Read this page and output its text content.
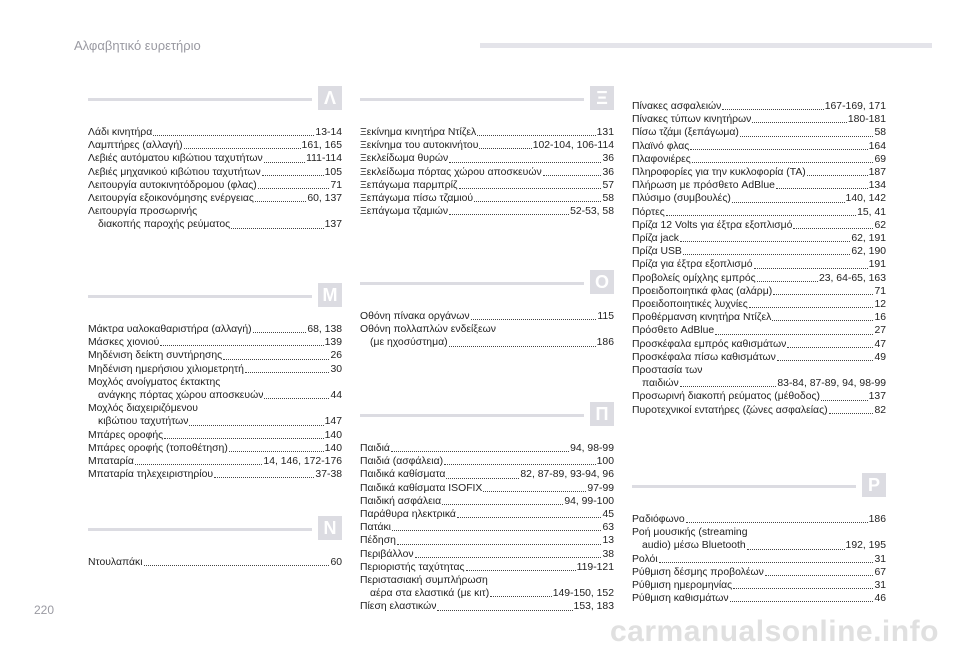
Αλφαβητικό ευρετήριο
Λ
Λάδι κινητήρα	13-14
Λαμπτήρες (αλλαγή)	161, 165
Λεβιές αυτόματου κιβώτιου ταχυτήτων	111-114
Λεβιές μηχανικού κιβώτιου ταχυτήτων	105
Λειτουργία αυτοκινητόδρομου (φλας)	71
Λειτουργία εξοικονόμησης ενέργειας	60, 137
Λειτουργία προσωρινής
διακοπής παροχής ρεύματος	137
Μ
Μάκτρα υαλοκαθαριστήρα (αλλαγή)	68, 138
Μάσκες χιονιού	139
Μηδένιση δείκτη συντήρησης	26
Μηδένιση ημερήσιου χιλιομετρητή	30
Μοχλός ανοίγματος έκτακτης
ανάγκης πόρτας χώρου αποσκευών	44
Μοχλός διαχειριζόμενου
κιβώτιου ταχυτήτων	147
Μπάρες οροφής	140
Μπάρες οροφής (τοποθέτηση)	140
Μπαταρία	14, 146, 172-176
Μπαταρία τηλεχειριστηρίου	37-38
Ν
Ντουλαπάκι	60
Ξ
Ξεκίνημα κινητήρα Ντίζελ	131
Ξεκίνημα του αυτοκινήτου	102-104, 106-114
Ξεκλείδωμα θυρών	36
Ξεκλείδωμα πόρτας χώρου αποσκευών	36
Ξεπάγωμα παρμπρίζ	57
Ξεπάγωμα πίσω τζαμιού	58
Ξεπάγωμα τζαμιών	52-53, 58
Ο
Οθόνη πίνακα οργάνων	115
Οθόνη πολλαπλών ενδείξεων
(με ηχοσύστημα)	186
Π
Παιδιά	94, 98-99
Παιδιά (ασφάλεια)	100
Παιδικά καθίσματα	82, 87-89, 93-94, 96
Παιδικά καθίσματα ISOFIX	97-99
Παιδική ασφάλεια	94, 99-100
Παράθυρα ηλεκτρικά	45
Πατάκι	63
Πέδηση	13
Περιβάλλον	38
Περιοριστής ταχύτητας	119-121
Περιστασιακή συμπλήρωση
αέρα στα ελαστικά (με κιτ)	149-150, 152
Πίεση ελαστικών	153, 183
Ρ
Ραδιόφωνο	186
Ροή μουσικής (streaming
audio) μέσω Bluetooth	192, 195
Ρολόι	31
Ρύθμιση δέσμης προβολέων	67
Ρύθμιση ημερομηνίας	31
Ρύθμιση καθισμάτων	46
220
carmanualsonline.info
Πίνακες ασφαλειών	167-169, 171
Πίνακες τύπων κινητήρων	180-181
Πίσω τζάμι (ξεπάγωμα)	58
Πλαϊνό φλας	164
Πλαφονιέρες	69
Πληροφορίες για την κυκλοφορία (TA)	187
Πλήρωση με πρόσθετο AdBlue	134
Πλύσιμο (συμβουλές)	140, 142
Πόρτες	15, 41
Πρίζα 12 Volts για έξτρα εξοπλισμό	62
Πρίζα jack	62, 191
Πρίζα USB	62, 190
Πρίζα για έξτρα εξοπλισμό	191
Προβολείς ομίχλης εμπρός	23, 64-65, 163
Προειδοποιητικά φλας (αλάρμ)	71
Προειδοποιητικές λυχνίες	12
Προθέρμανση κινητήρα Ντίζελ	16
Πρόσθετο AdBlue	27
Προσκέφαλα εμπρός καθισμάτων	47
Προσκέφαλα πίσω καθισμάτων	49
Προστασία των
παιδιών	83-84, 87-89, 94, 98-99
Προσωρινή διακοπή ρεύματος (μέθοδος)	137
Πυροτεχνικοί εντατήρες (ζώνες ασφαλείας)	82
